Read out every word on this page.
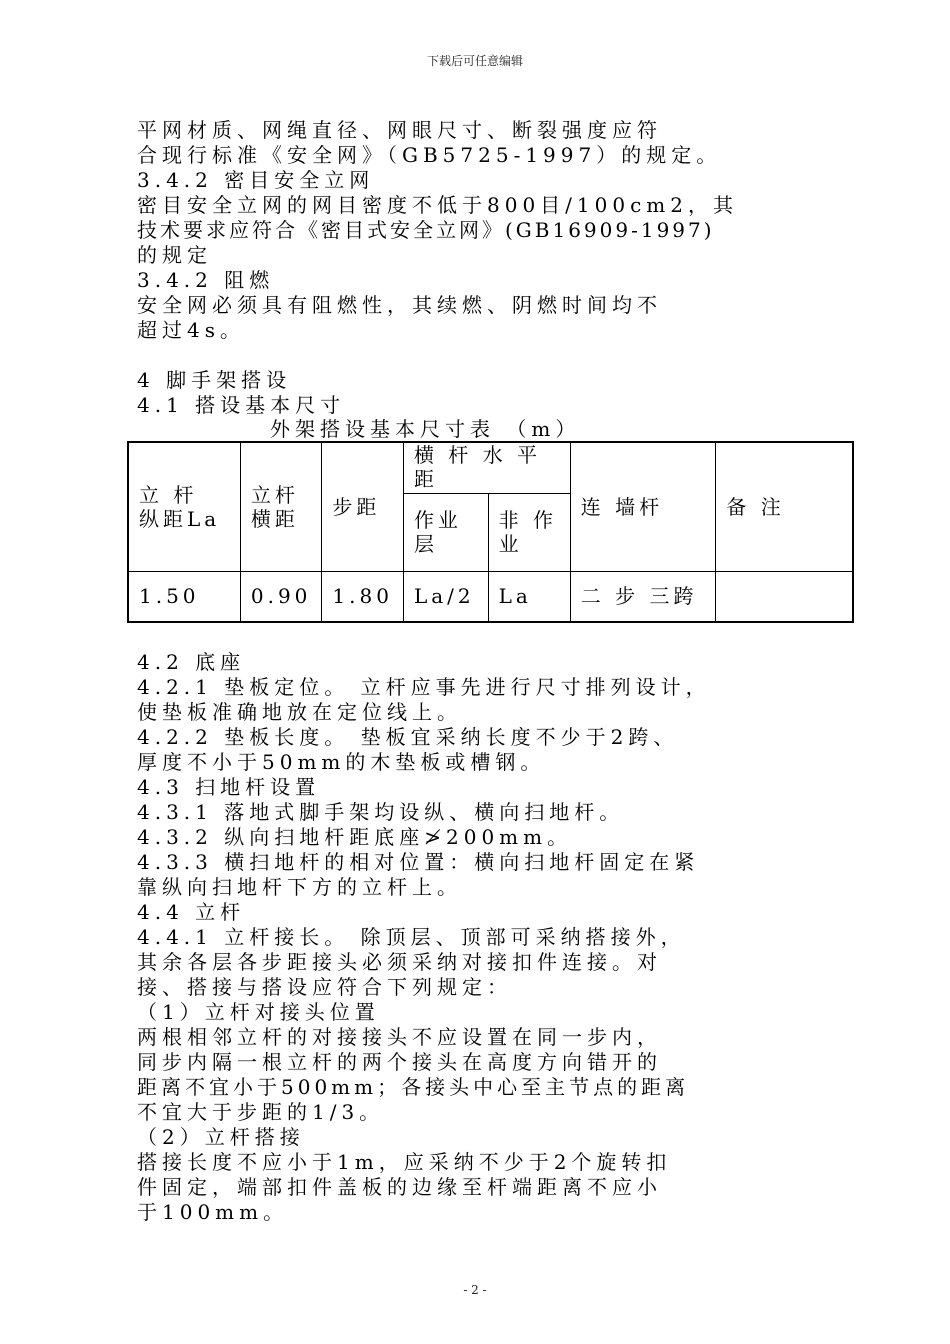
下载后可任意编辑
平网材质、网绳直径、网眼尺寸、断裂强度应符
合现行标准《安全网》（GB5725-1997）的规定。
3.4.2 密目安全立网
密目安全立网的网目密度不低于800目/100cm2，其
技术要求应符合《密目式安全立网》(GB16909-1997)
的规定
3.4.2 阻燃
安全网必须具有阻燃性，其续燃、阴燃时间均不
超过4s。
4 脚手架搭设
4.1 搭设基本尺寸
外架搭设基本尺寸表 （m）
立 杆 纵距La	立杆横距	步距	横 杆 水 平距		连 墙杆	备 注
			作业层	非 作业		
1.50	0.90	1.80	La/2	La	二 步 三跨	
4.2 底座
4.2.1 垫板定位。 立杆应事先进行尺寸排列设计，
使垫板准确地放在定位线上。
4.2.2 垫板长度。 垫板宜采纳长度不少于2跨、
厚度不小于50mm的木垫板或槽钢。
4.3 扫地杆设置
4.3.1 落地式脚手架均设纵、横向扫地杆。
4.3.2 纵向扫地杆距底座≯200mm。
4.3.3 横扫地杆的相对位置：横向扫地杆固定在紧
靠纵向扫地杆下方的立杆上。
4.4 立杆
4.4.1 立杆接长。 除顶层、顶部可采纳搭接外，
其余各层各步距接头必须采纳对接扣件连接。对
接、搭接与搭设应符合下列规定：
（1）立杆对接头位置
两根相邻立杆的对接接头不应设置在同一步内，
同步内隔一根立杆的两个接头在高度方向错开的
距离不宜小于500mm；各接头中心至主节点的距离
不宜大于步距的1/3。
（2）立杆搭接
搭接长度不应小于1m，应采纳不少于2个旋转扣
件固定，端部扣件盖板的边缘至杆端距离不应小
于100mm。
- 2 -
